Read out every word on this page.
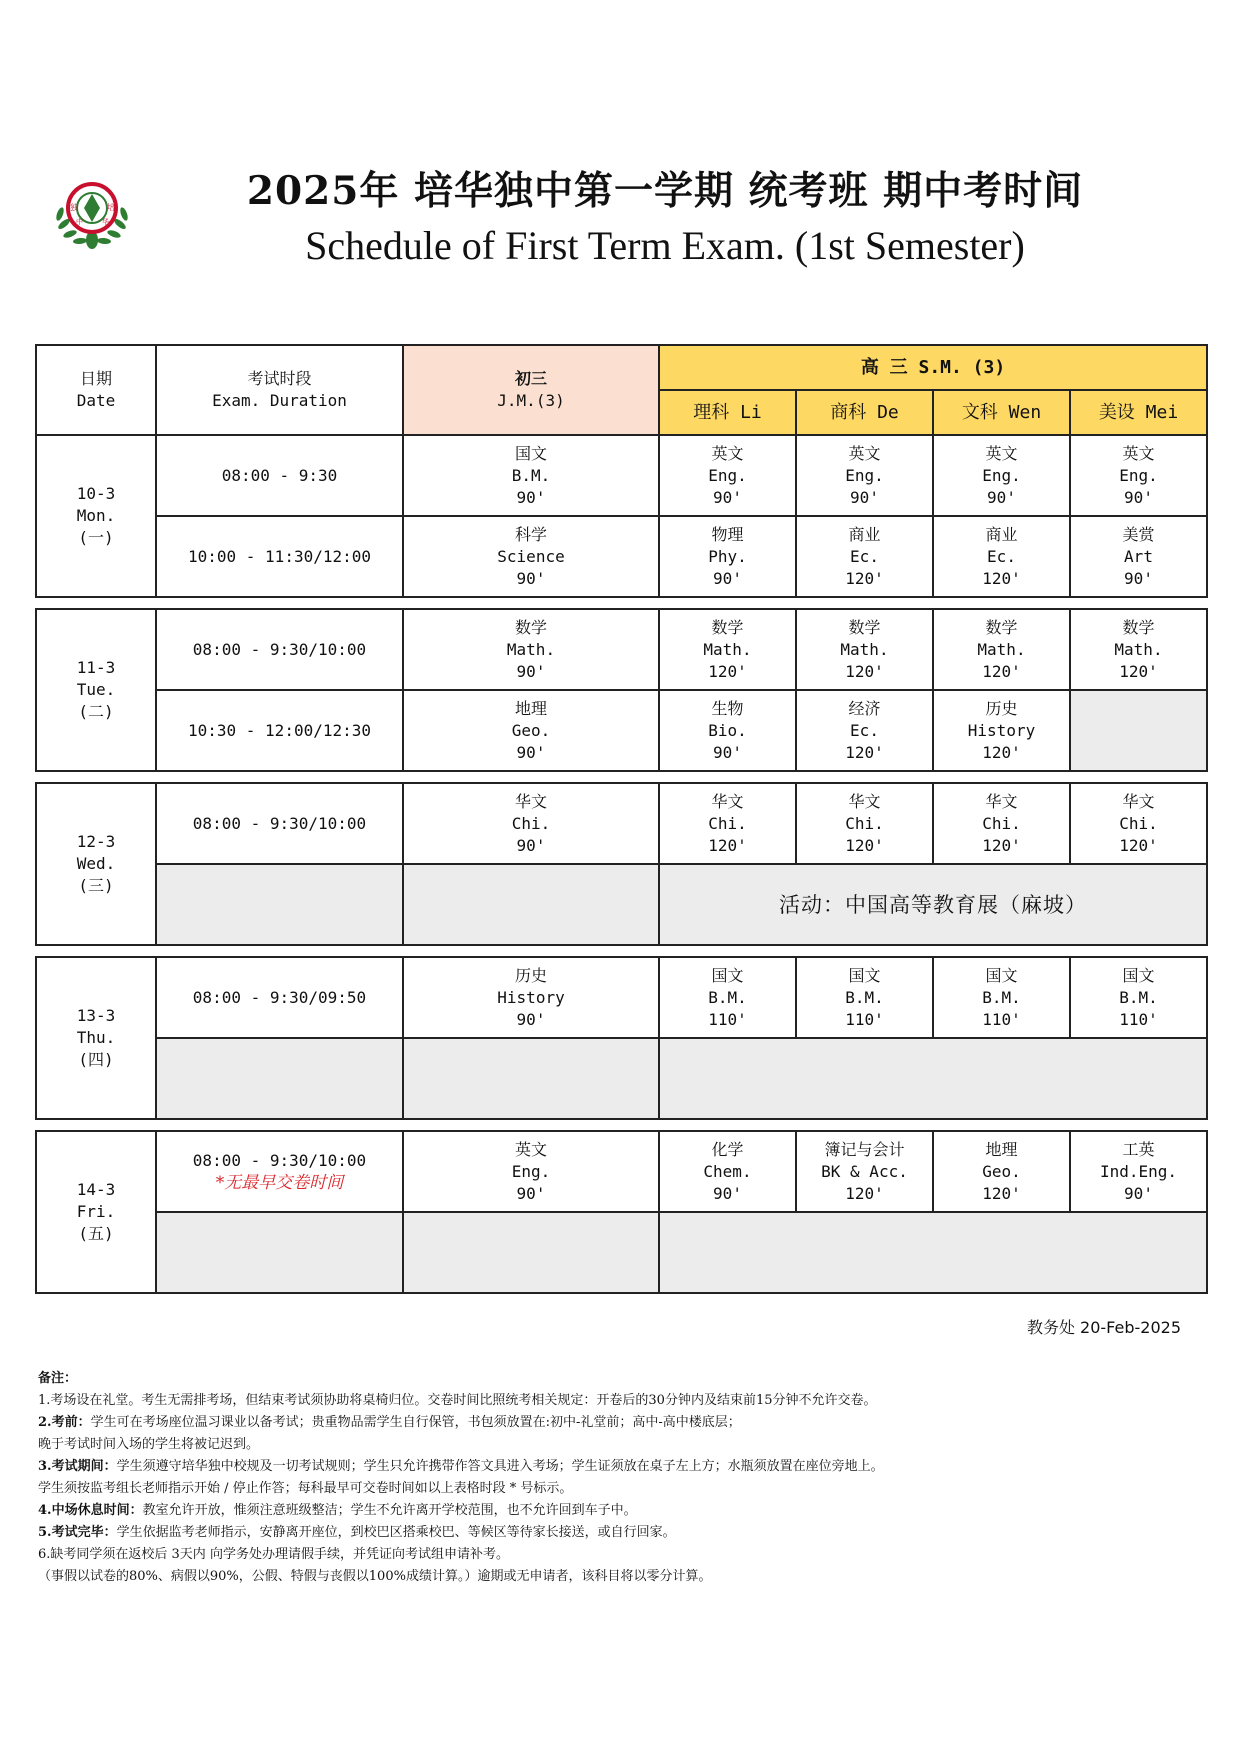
独	培
中	华
2025年 培华独中第一学期 统考班 期中考时间
Schedule of First Term Exam. (1st Semester)
日期
Date	考试时段
Exam. Duration	初三
J.M.(3)	高 三 S.M. (3)			
			理科 Li	商科 De	文科 Wen	美设 Mei

10-3
Mon.
(一)	08:00 - 9:30	国文
B.M.
90'	英文
Eng.
90'	英文
Eng.
90'	英文
Eng.
90'	英文
Eng.
90'

	10:00 - 11:30/12:00	科学
Science
90'	物理
Phy.
90'	商业
Ec.
120'	商业
Ec.
120'	美赏
Art
90'

11-3
Tue.
(二)	08:00 - 9:30/10:00	数学
Math.
90'	数学
Math.
120'	数学
Math.
120'	数学
Math.
120'	数学
Math.
120'

	10:30 - 12:00/12:30	地理
Geo.
90'	生物
Bio.
90'	经济
Ec.
120'	历史
History
120'	

12-3
Wed.
(三)	08:00 - 9:30/10:00	华文
Chi.
90'	华文
Chi.
120'	华文
Chi.
120'	华文
Chi.
120'	华文
Chi.
120'

			活动：中国高等教育展（麻坡）			

13-3
Thu.
(四)	08:00 - 9:30/09:50	历史
History
90'	国文
B.M.
110'	国文
B.M.
110'	国文
B.M.
110'	国文
B.M.
110'

14-3
Fri.
(五)	08:00 - 9:30/10:00
*无最早交卷时间	英文
Eng.
90'	化学
Chem.
90'	簿记与会计
BK & Acc.
120'	地理
Geo.
120'	工英
Ind.Eng.
90'

教务处 20-Feb-2025
备注：
1.考场设在礼堂。考生无需排考场，但结束考试须协助将桌椅归位。交卷时间比照统考相关规定：开卷后的30分钟内及结束前15分钟不允许交卷。
2.考前：学生可在考场座位温习课业以备考试；贵重物品需学生自行保管，书包须放置在:初中-礼堂前；高中-高中楼底层；
晚于考试时间入场的学生将被记迟到。
3.考试期间：学生须遵守培华独中校规及一切考试规则；学生只允许携带作答文具进入考场；学生证须放在桌子左上方；水瓶须放置在座位旁地上。
学生须按监考组长老师指示开始 / 停止作答；每科最早可交卷时间如以上表格时段 * 号标示。
4.中场休息时间：教室允许开放，惟须注意班级整洁；学生不允许离开学校范围，也不允许回到车子中。
5.考试完毕：学生依据监考老师指示，安静离开座位，到校巴区搭乘校巴、等候区等待家长接送，或自行回家。
6.缺考同学须在返校后 3天内 向学务处办理请假手续，并凭证向考试组申请补考。
（事假以试卷的80%、病假以90%，公假、特假与丧假以100%成绩计算。）逾期或无申请者，该科目将以零分计算。
